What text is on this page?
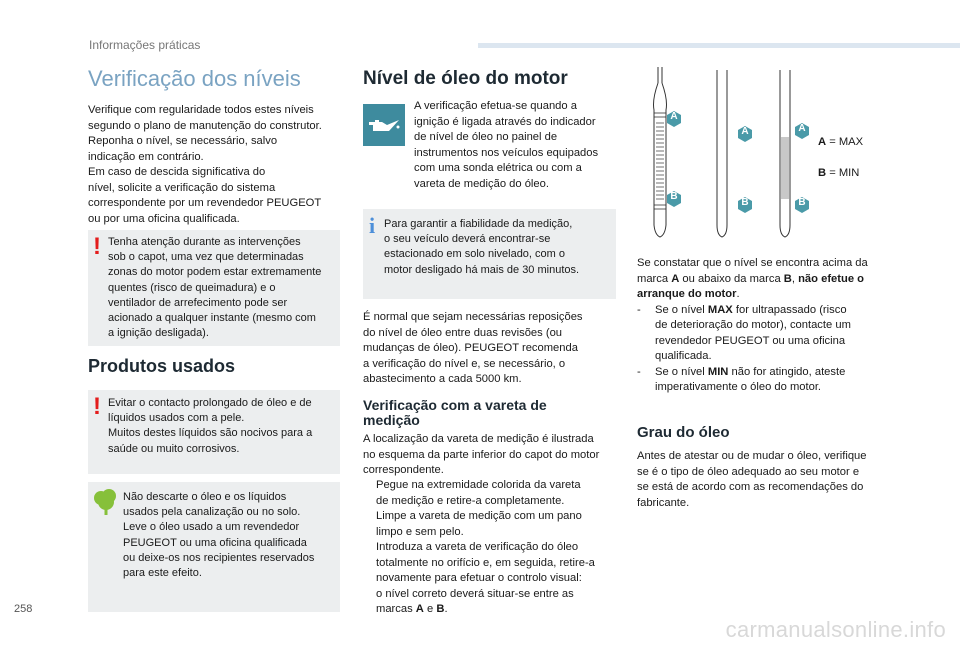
Informações práticas
Verificação dos níveis
Verifique com regularidade todos estes níveis
segundo o plano de manutenção do construtor.
Reponha o nível, se necessário, salvo
indicação em contrário.
Em caso de descida significativa do
nível, solicite a verificação do sistema
correspondente por um revendedor PEUGEOT
ou por uma oficina qualificada.
! Tenha atenção durante as intervenções
sob o capot, uma vez que determinadas
zonas do motor podem estar extremamente
quentes (risco de queimadura) e o
ventilador de arrefecimento pode ser
acionado a qualquer instante (mesmo com
a ignição desligada).
Produtos usados
! Evitar o contacto prolongado de óleo e de
líquidos usados com a pele.
Muitos destes líquidos são nocivos para a
saúde ou muito corrosivos.
Não descarte o óleo e os líquidos
usados pela canalização ou no solo.
Leve o óleo usado a um revendedor
PEUGEOT ou uma oficina qualificada
ou deixe-os nos recipientes reservados
para este efeito.
Nível de óleo do motor
A verificação efetua-se quando a
ignição é ligada através do indicador
de nível de óleo no painel de
instrumentos nos veículos equipados
com uma sonda elétrica ou com a
vareta de medição do óleo.
i Para garantir a fiabilidade da medição,
o seu veículo deverá encontrar-se
estacionado em solo nivelado, com o
motor desligado há mais de 30 minutos.
É normal que sejam necessárias reposições
do nível de óleo entre duas revisões (ou
mudanças de óleo). PEUGEOT recomenda
a verificação do nível e, se necessário, o
abastecimento a cada 5000 km.
Verificação com a vareta de
medição
A localização da vareta de medição é ilustrada
no esquema da parte inferior do capot do motor
correspondente.
Pegue na extremidade colorida da vareta
de medição e retire-a completamente.
Limpe a vareta de medição com um pano
limpo e sem pelo.
Introduza a vareta de verificação do óleo
totalmente no orifício e, em seguida, retire-a
novamente para efetuar o controlo visual:
o nível correto deverá situar-se entre as
marcas A e B.
A
B
A
B
A
B
A = MAX
B = MIN
Se constatar que o nível se encontra acima da
marca A ou abaixo da marca B, não efetue o
arranque do motor.
- Se o nível MAX for ultrapassado (risco
de deterioração do motor), contacte um
revendedor PEUGEOT ou uma oficina
qualificada.
- Se o nível MIN não for atingido, ateste
imperativamente o óleo do motor.
Grau do óleo
Antes de atestar ou de mudar o óleo, verifique
se é o tipo de óleo adequado ao seu motor e
se está de acordo com as recomendações do
fabricante.
258
carmanualsonline.info
